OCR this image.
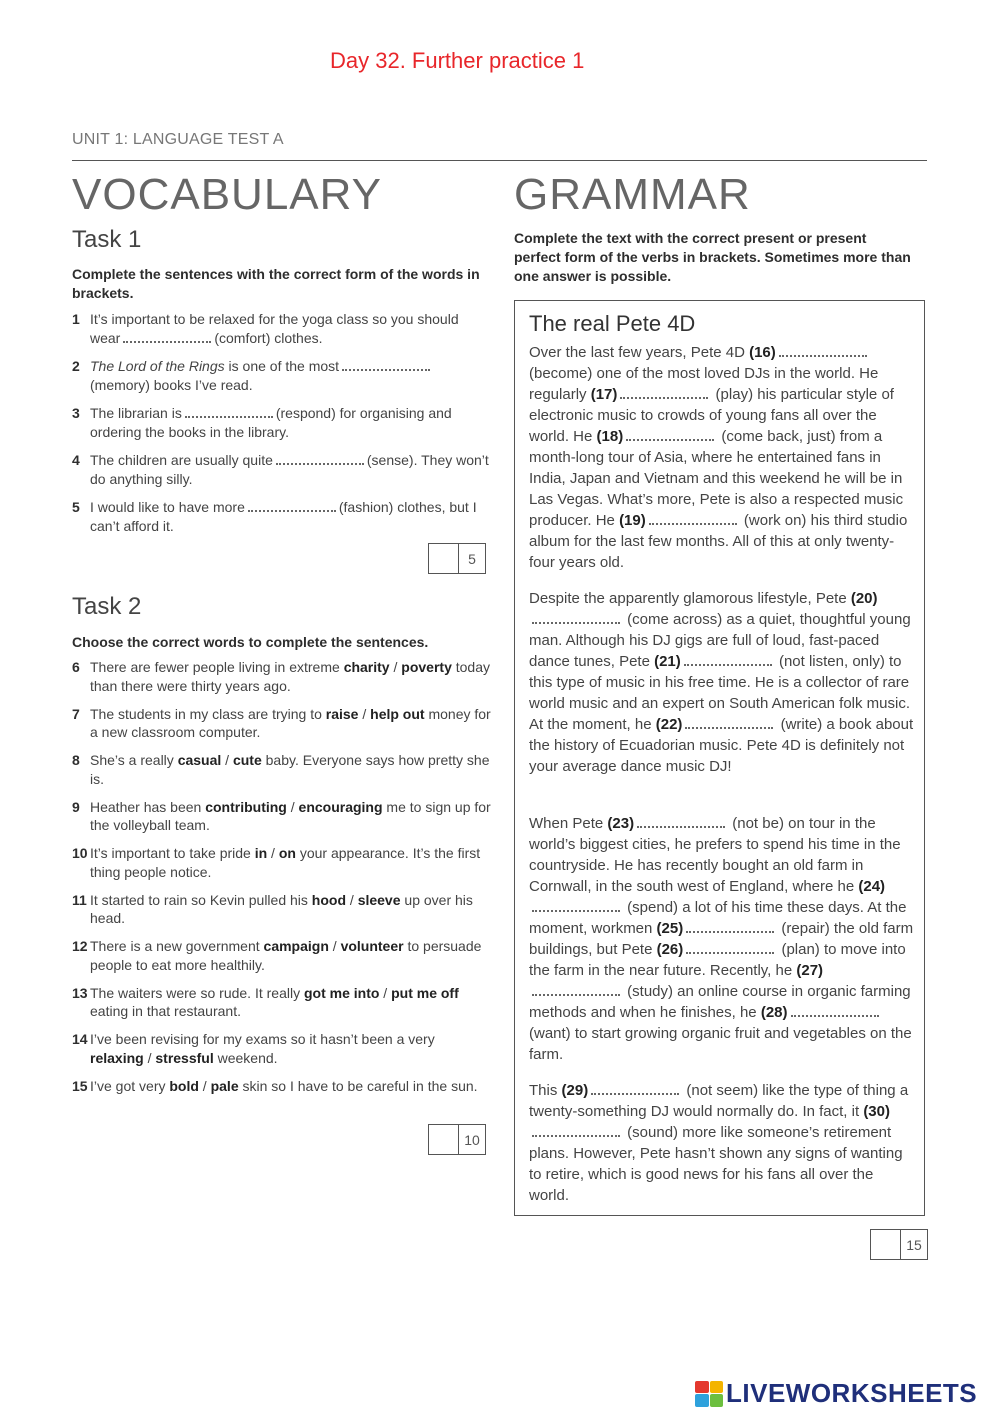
Day 32. Further practice 1
UNIT 1: LANGUAGE TEST A
VOCABULARY	GRAMMAR
Task 1
Complete the sentences with the correct form of the words in brackets.
1 It’s important to be relaxed for the yoga class so you should wear	(comfort) clothes.
2 The Lord of the Rings is one of the most(memory) books I’ve read.
3 The librarian is	(respond) for organising and ordering the books in the library.
4 The children are usually quite	(sense). They won’t do anything silly.
5 I would like to have more	(fashion) clothes, but I can’t afford it.
5
Task 2
Choose the correct words to complete the sentences.
6 There are fewer people living in extreme charity / poverty today than there were thirty years ago.
7 The students in my class are trying to raise / help out money for a new classroom computer.
8 She’s a really casual / cute baby. Everyone says how pretty she is.
9 Heather has been contributing / encouraging me to sign up for the volleyball team.
10 It’s important to take pride in / on your appearance. It’s the first thing people notice.
11 It started to rain so Kevin pulled his hood / sleeve up over his head.
12 There is a new government campaign / volunteer to persuade people to eat more healthily.
13 The waiters were so rude. It really got me into / put me off eating in that restaurant.
14 I’ve been revising for my exams so it hasn’t been a very relaxing / stressful weekend.
15 I’ve got very bold / pale skin so I have to be careful in the sun.
10
Complete the text with the correct present or present perfect form of the verbs in brackets. Sometimes more than one answer is possible.
The real Pete 4D
Over the last few years, Pete 4D (16) (become) one of the most loved DJs in the world. He regularly (17)	(play) his particular style of electronic music to crowds of young fans all over the world. He (18)	(come back, just) from a month-long tour of Asia, where he entertained fans in India, Japan and Vietnam and this weekend he will be in Las Vegas. What’s more, Pete is also a respected music producer. He (19)	(work on) his third studio album for the last few months. All of this at only twenty-four years old.
Despite the apparently glamorous lifestyle, Pete (20) (come across) as a quiet, thoughtful young man. Although his DJ gigs are full of loud, fast-paced dance tunes, Pete (21)	(not listen, only) to this type of music in his free time. He is a collector of rare world music and an expert on South American folk music. At the moment, he (22)	(write) a book about the history of Ecuadorian music. Pete 4D is definitely not your average dance music DJ!
When Pete (23)	(not be) on tour in the world’s biggest cities, he prefers to spend his time in the countryside. He has recently bought an old farm in Cornwall, in the south west of England, where he (24) (spend) a lot of his time these days. At the moment, workmen (25)	(repair) the old farm buildings, but Pete (26)	(plan) to move into the farm in the near future. Recently, he (27) (study) an online course in organic farming methods and when he finishes, he (28) (want) to start growing organic fruit and vegetables on the farm.
This (29)	(not seem) like the type of thing a twenty-something DJ would normally do. In fact, it (30) (sound) more like someone’s retirement plans. However, Pete hasn’t shown any signs of wanting to retire, which is good news for his fans all over the world.
15
LIVEWORKSHEETS
